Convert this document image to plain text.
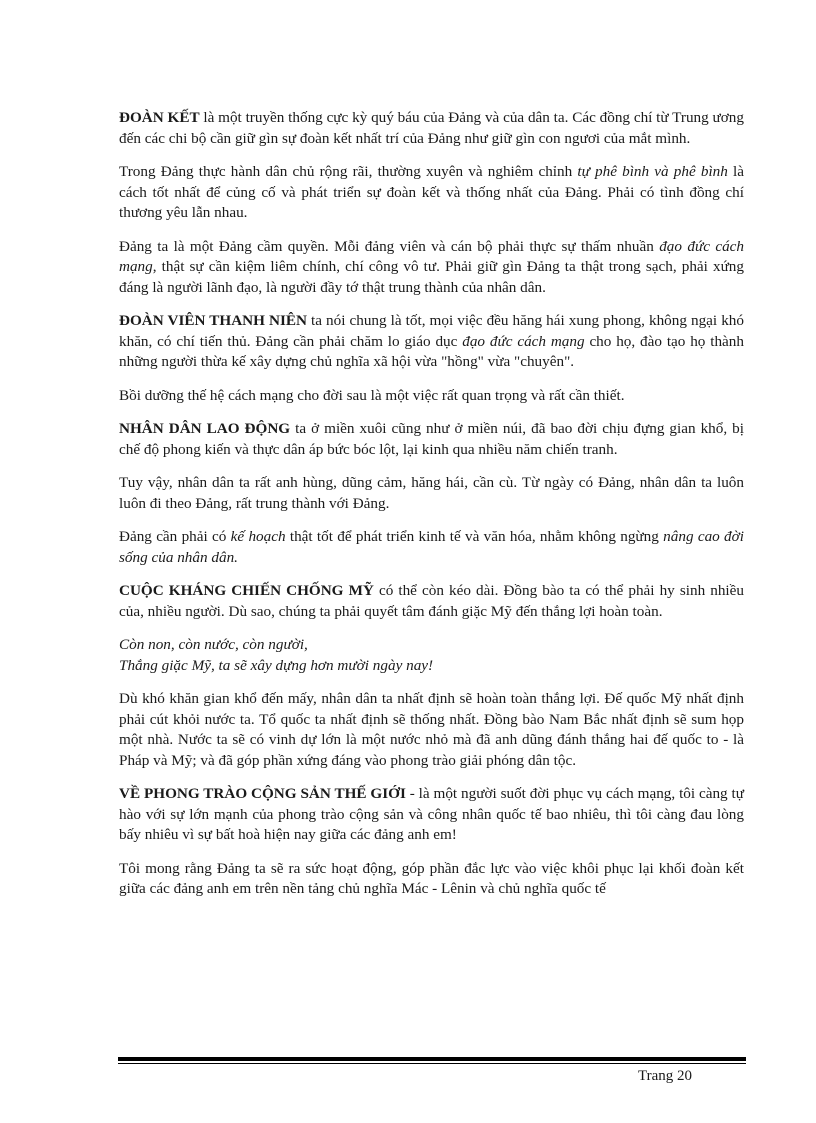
ĐOÀN KẾT là một truyền thống cực kỳ quý báu của Đảng và của dân ta. Các đồng chí từ Trung ương đến các chi bộ cần giữ gìn sự đoàn kết nhất trí của Đảng như giữ gìn con ngươi của mắt mình.

Trong Đảng thực hành dân chủ rộng rãi, thường xuyên và nghiêm chỉnh tự phê bình và phê bình là cách tốt nhất để củng cố và phát triển sự đoàn kết và thống nhất của Đảng. Phải có tình đồng chí thương yêu lẫn nhau.

Đảng ta là một Đảng cầm quyền. Mỗi đảng viên và cán bộ phải thực sự thấm nhuần đạo đức cách mạng, thật sự cần kiệm liêm chính, chí công vô tư. Phải giữ gìn Đảng ta thật trong sạch, phải xứng đáng là người lãnh đạo, là người đầy tớ thật trung thành của nhân dân.

ĐOÀN VIÊN THANH NIÊN ta nói chung là tốt, mọi việc đều hăng hái xung phong, không ngại khó khăn, có chí tiến thủ. Đảng cần phải chăm lo giáo dục đạo đức cách mạng cho họ, đào tạo họ thành những người thừa kế xây dựng chủ nghĩa xã hội vừa "hồng" vừa "chuyên".

Bồi dưỡng thế hệ cách mạng cho đời sau là một việc rất quan trọng và rất cần thiết.

NHÂN DÂN LAO ĐỘNG ta ở miền xuôi cũng như ở miền núi, đã bao đời chịu đựng gian khổ, bị chế độ phong kiến và thực dân áp bức bóc lột, lại kinh qua nhiều năm chiến tranh.

Tuy vậy, nhân dân ta rất anh hùng, dũng cảm, hăng hái, cần cù. Từ ngày có Đảng, nhân dân ta luôn luôn đi theo Đảng, rất trung thành với Đảng.

Đảng cần phải có kế hoạch thật tốt để phát triển kinh tế và văn hóa, nhằm không ngừng nâng cao đời sống của nhân dân.

CUỘC KHÁNG CHIẾN CHỐNG MỸ có thể còn kéo dài. Đồng bào ta có thể phải hy sinh nhiều của, nhiều người. Dù sao, chúng ta phải quyết tâm đánh giặc Mỹ đến thắng lợi hoàn toàn.

Còn non, còn nước, còn người,

Thắng giặc Mỹ, ta sẽ xây dựng hơn mười ngày nay!

Dù khó khăn gian khổ đến mấy, nhân dân ta nhất định sẽ hoàn toàn thắng lợi. Đế quốc Mỹ nhất định phải cút khỏi nước ta. Tổ quốc ta nhất định sẽ thống nhất. Đồng bào Nam Bắc nhất định sẽ sum họp một nhà. Nước ta sẽ có vinh dự lớn là một nước nhỏ mà đã anh dũng đánh thắng hai đế quốc to - là Pháp và Mỹ; và đã góp phần xứng đáng vào phong trào giải phóng dân tộc.

VỀ PHONG TRÀO CỘNG SẢN THẾ GIỚI - là một người suốt đời phục vụ cách mạng, tôi càng tự hào với sự lớn mạnh của phong trào cộng sản và công nhân quốc tế bao nhiêu, thì tôi càng đau lòng bấy nhiêu vì sự bất hoà hiện nay giữa các đảng anh em!

Tôi mong rằng Đảng ta sẽ ra sức hoạt động, góp phần đắc lực vào việc khôi phục lại khối đoàn kết giữa các đảng anh em trên nền tảng chủ nghĩa Mác - Lênin và chủ nghĩa quốc tế

Trang 20
